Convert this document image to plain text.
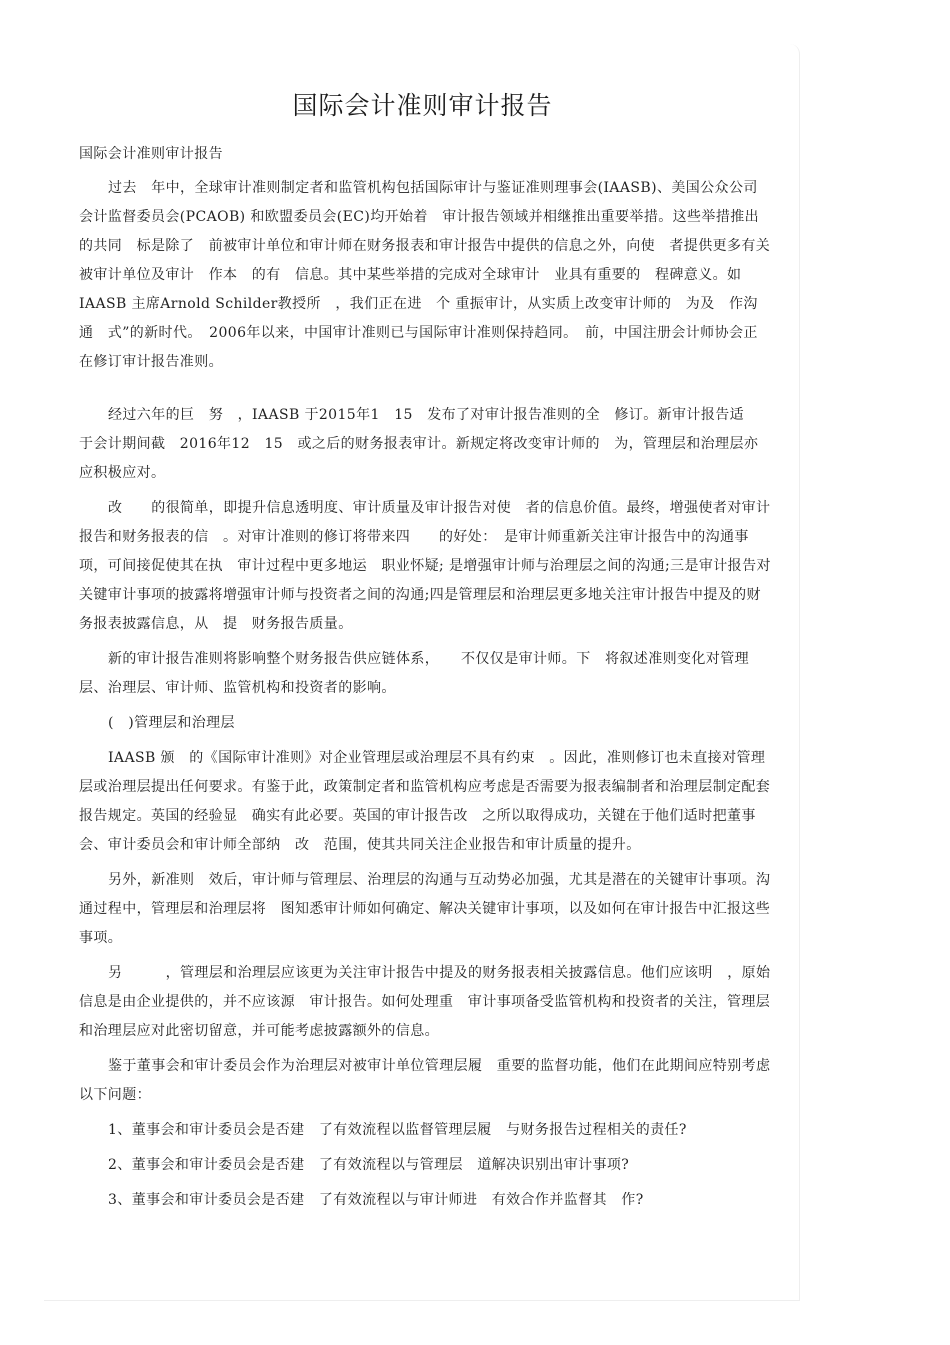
国际会计准则审计报告

国际会计准则审计报告

过去　年中，全球审计准则制定者和监管机构包括国际审计与鉴证准则理事会(IAASB)、美国公众公司会计监督委员会(PCAOB) 和欧盟委员会(EC)均开始着　审计报告领域并相继推出重要举措。这些举措推出的共同　标是除了　前被审计单位和审计师在财务报表和审计报告中提供的信息之外，向使　者提供更多有关被审计单位及审计　作本　的有　信息。其中某些举措的完成对全球审计　业具有重要的　程碑意义。如IAASB 主席Arnold Schilder教授所　，我们正在进　个 重振审计，从实质上改变审计师的　为及　作沟通　式”的新时代。　2006年以来，中国审计准则已与国际审计准则保持趋同。　前，中国注册会计师协会正在修订审计报告准则。

经过六年的巨　努　，IAASB 于2015年1　15　发布了对审计报告准则的全　修订。新审计报告适　于会计期间截　2016年12　15　或之后的财务报表审计。新规定将改变审计师的　为，管理层和治理层亦应积极应对。

改　　的很简单，即提升信息透明度、审计质量及审计报告对使　者的信息价值。最终，增强使者对审计报告和财务报表的信　。对审计准则的修订将带来四　　的好处：　是审计师重新关注审计报告中的沟通事项，可间接促使其在执　审计过程中更多地运　职业怀疑; 是增强审计师与治理层之间的沟通;三是审计报告对关键审计事项的披露将增强审计师与投资者之间的沟通;四是管理层和治理层更多地关注审计报告中提及的财务报表披露信息，从　提　财务报告质量。

新的审计报告准则将影响整个财务报告供应链体系，　　不仅仅是审计师。下　将叙述准则变化对管理层、治理层、审计师、监管机构和投资者的影响。

(　)管理层和治理层

IAASB 颁　的《国际审计准则》对企业管理层或治理层不具有约束　。因此，准则修订也未直接对管理层或治理层提出任何要求。有鉴于此，政策制定者和监管机构应考虑是否需要为报表编制者和治理层制定配套报告规定。英国的经验显　确实有此必要。英国的审计报告改　之所以取得成功，关键在于他们适时把董事会、审计委员会和审计师全部纳　改　范围，使其共同关注企业报告和审计质量的提升。

另外，新准则　效后，审计师与管理层、治理层的沟通与互动势必加强，尤其是潜在的关键审计事项。沟通过程中，管理层和治理层将　图知悉审计师如何确定、解决关键审计事项，以及如何在审计报告中汇报这些事项。

另　　　，管理层和治理层应该更为关注审计报告中提及的财务报表相关披露信息。他们应该明　，原始信息是由企业提供的，并不应该源　审计报告。如何处理重　审计事项备受监管机构和投资者的关注，管理层和治理层应对此密切留意，并可能考虑披露额外的信息。

鉴于董事会和审计委员会作为治理层对被审计单位管理层履　重要的监督功能，他们在此期间应特别考虑以下问题：

1、董事会和审计委员会是否建　了有效流程以监督管理层履　与财务报告过程相关的责任?

2、董事会和审计委员会是否建　了有效流程以与管理层　道解决识别出审计事项?

3、董事会和审计委员会是否建　了有效流程以与审计师进　有效合作并监督其　作?
